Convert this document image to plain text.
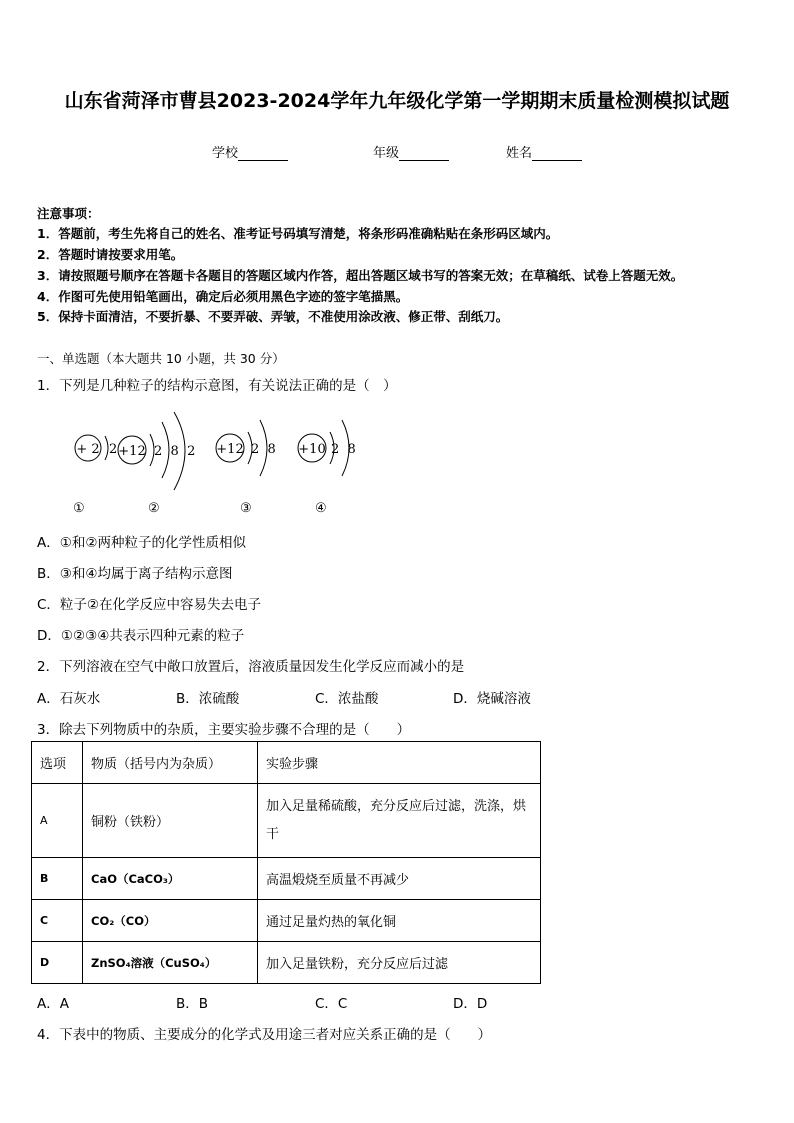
山东省菏泽市曹县2023-2024学年九年级化学第一学期期末质量检测模拟试题
学校	年级	姓名
注意事项：
1．答题前，考生先将自己的姓名、准考证号码填写清楚，将条形码准确粘贴在条形码区域内。
2．答题时请按要求用笔。
3．请按照题号顺序在答题卡各题目的答题区域内作答，超出答题区域书写的答案无效；在草稿纸、试卷上答题无效。
4．作图可先使用铅笔画出，确定后必须用黑色字迹的签字笔描黑。
5．保持卡面清洁，不要折暴、不要弄破、弄皱，不准使用涂改液、修正带、刮纸刀。
一、单选题（本大题共 10 小题，共 30 分）
1．下列是几种粒子的结构示意图，有关说法正确的是（　）
+ 2 2
①
+12 2  8  2
②
+12 2  8
③
+10 2  8
④
A．①和②两种粒子的化学性质相似
B．③和④均属于离子结构示意图
C．粒子②在化学反应中容易失去电子
D．①②③④共表示四种元素的粒子
2．下列溶液在空气中敞口放置后，溶液质量因发生化学反应而减小的是
A．石灰水	B．浓硫酸	C．浓盐酸	D．烧碱溶液
3．除去下列物质中的杂质，主要实验步骤不合理的是（　　）
选项	物质（括号内为杂质）	实验步骤
A	铜粉（铁粉）	加入足量稀硫酸，充分反应后过滤，洗涤，烘干
B	CaO（CaCO₃）	高温煅烧至质量不再减少
C	CO₂（CO）	通过足量灼热的氧化铜
D	ZnSO₄溶液（CuSO₄）	加入足量铁粉，充分反应后过滤
A．A	B．B	C．C	D．D
4．下表中的物质、主要成分的化学式及用途三者对应关系正确的是（　　）
